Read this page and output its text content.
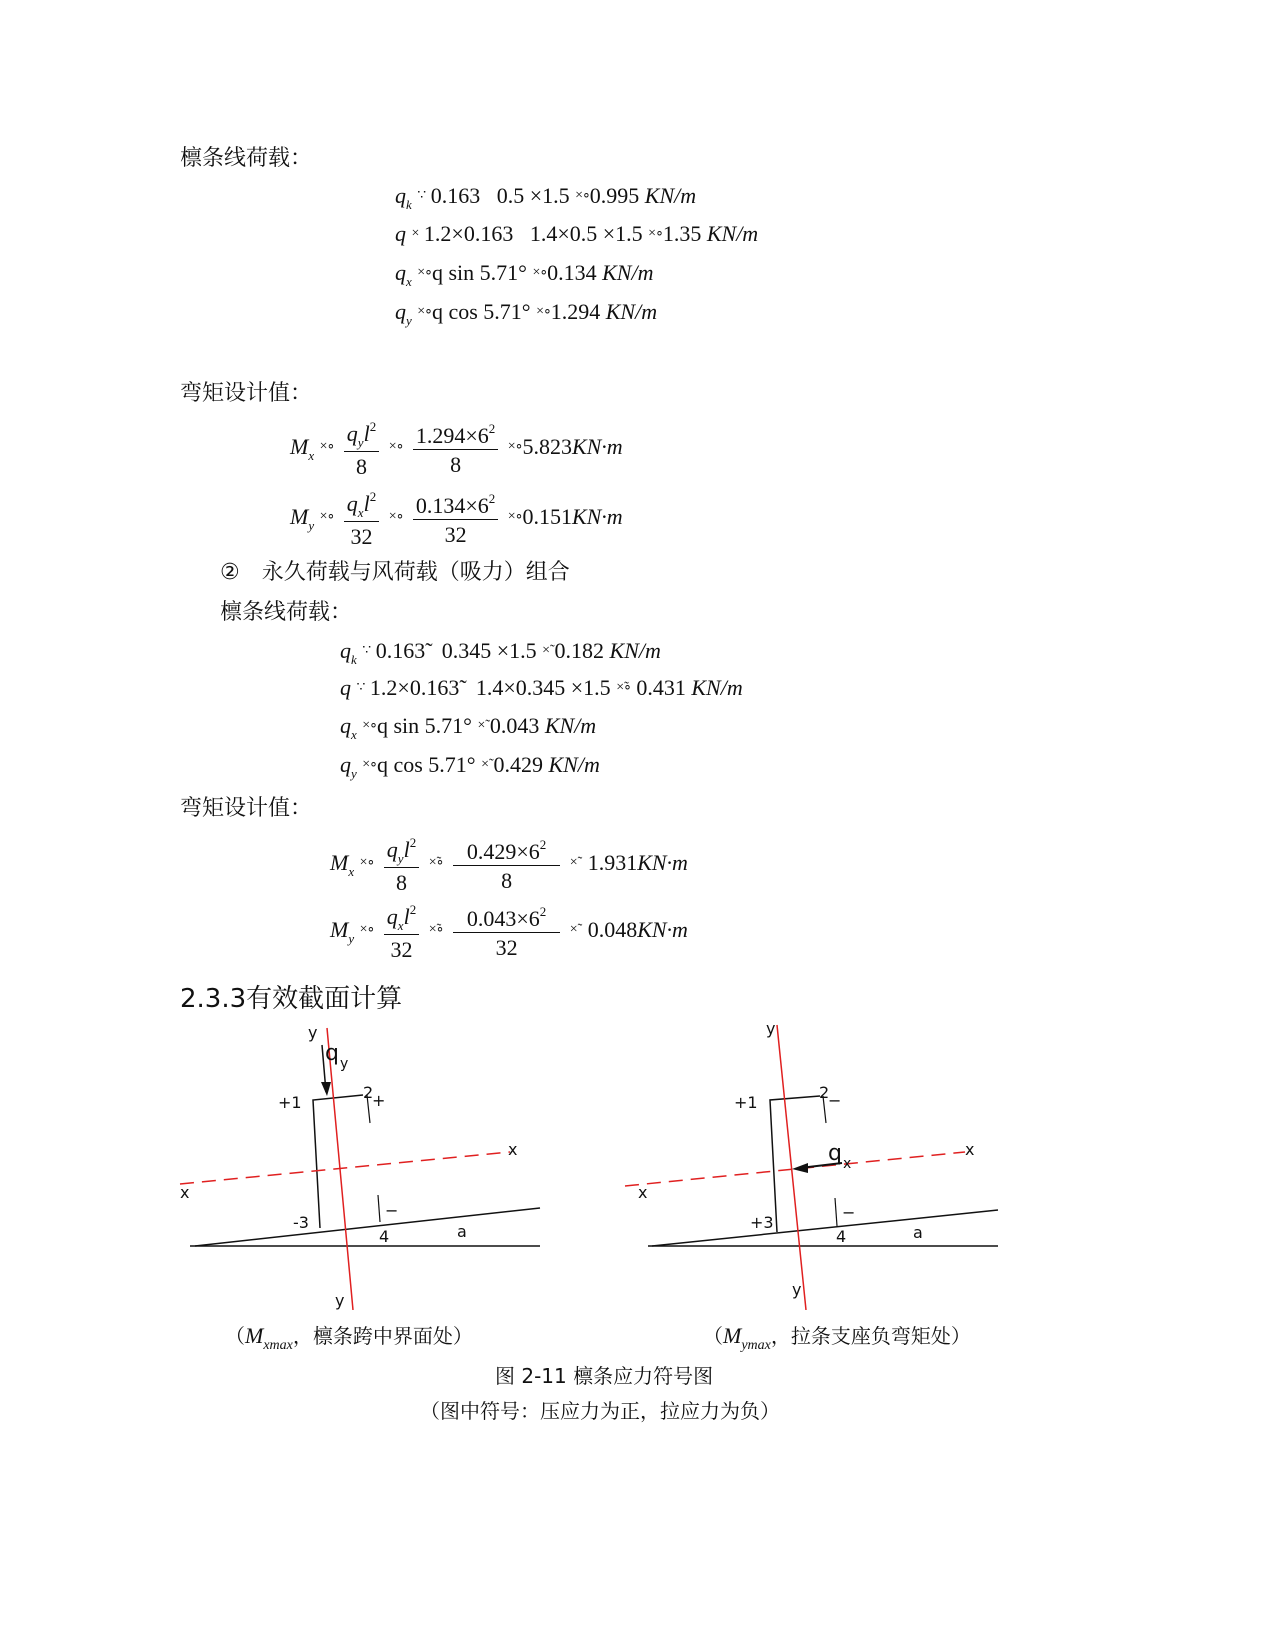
檩条线荷载：
$q_k$ ∵ 0.163 0.5 ×1.5 ×∘0.995 KN/m
q × 1.2×0.163 1.4×0.5 ×1.5 ×∘1.35 KN/m
$q_x$ ×∘q sin 5.71° ×∘0.134 KN/m
$q_y$ ×∘q cos 5.71° ×∘1.294 KN/m
弯矩设计值：
$M_x$ ×∘ $\frac{q_yl^2}{8}$ ×∘ $\frac{1.294\times 6^2}{8}$ ×∘5.823KN·m
$M_y$ ×∘ $\frac{q_xl^2}{32}$ ×∘ $\frac{0.134\times 6^2}{32}$ ×∘0.151KN·m
②　永久荷载与风荷载（吸力）组合
檩条线荷载：
$q_k$ ∵ 0.163̃ 0.345 ×1.5 ×̃ 0.182 KN/m
q ∵ 1.2×0.163̃ 1.4×0.345 ×1.5 ×̃∘ 0.431 KN/m
$q_x$ ×∘q sin 5.71° ×̃ 0.043 KN/m
$q_y$ ×∘q cos 5.71° ×̃ 0.429 KN/m
弯矩设计值：
$M_x$ ×∘ $\frac{q_yl^2}{8}$ ×̃∘ $\frac{0.429\times 6^2}{8}$ ×̃ 1.931KN·m
$M_y$ ×∘ $\frac{q_xl^2}{32}$ ×̃∘ $\frac{0.043\times 6^2}{32}$ ×̃ 0.048KN·m
2.3.3有效截面计算
y
y
x
x
q y
+1
2
+
-3
4
−
a
y
y
x
x
q x
+1
2
−
+3
4
−
a
（$M_{xmax}$，檩条跨中界面处）	（$M_{ymax}$，拉条支座负弯矩处）
图 2-11 檩条应力符号图
（图中符号：压应力为正，拉应力为负）
